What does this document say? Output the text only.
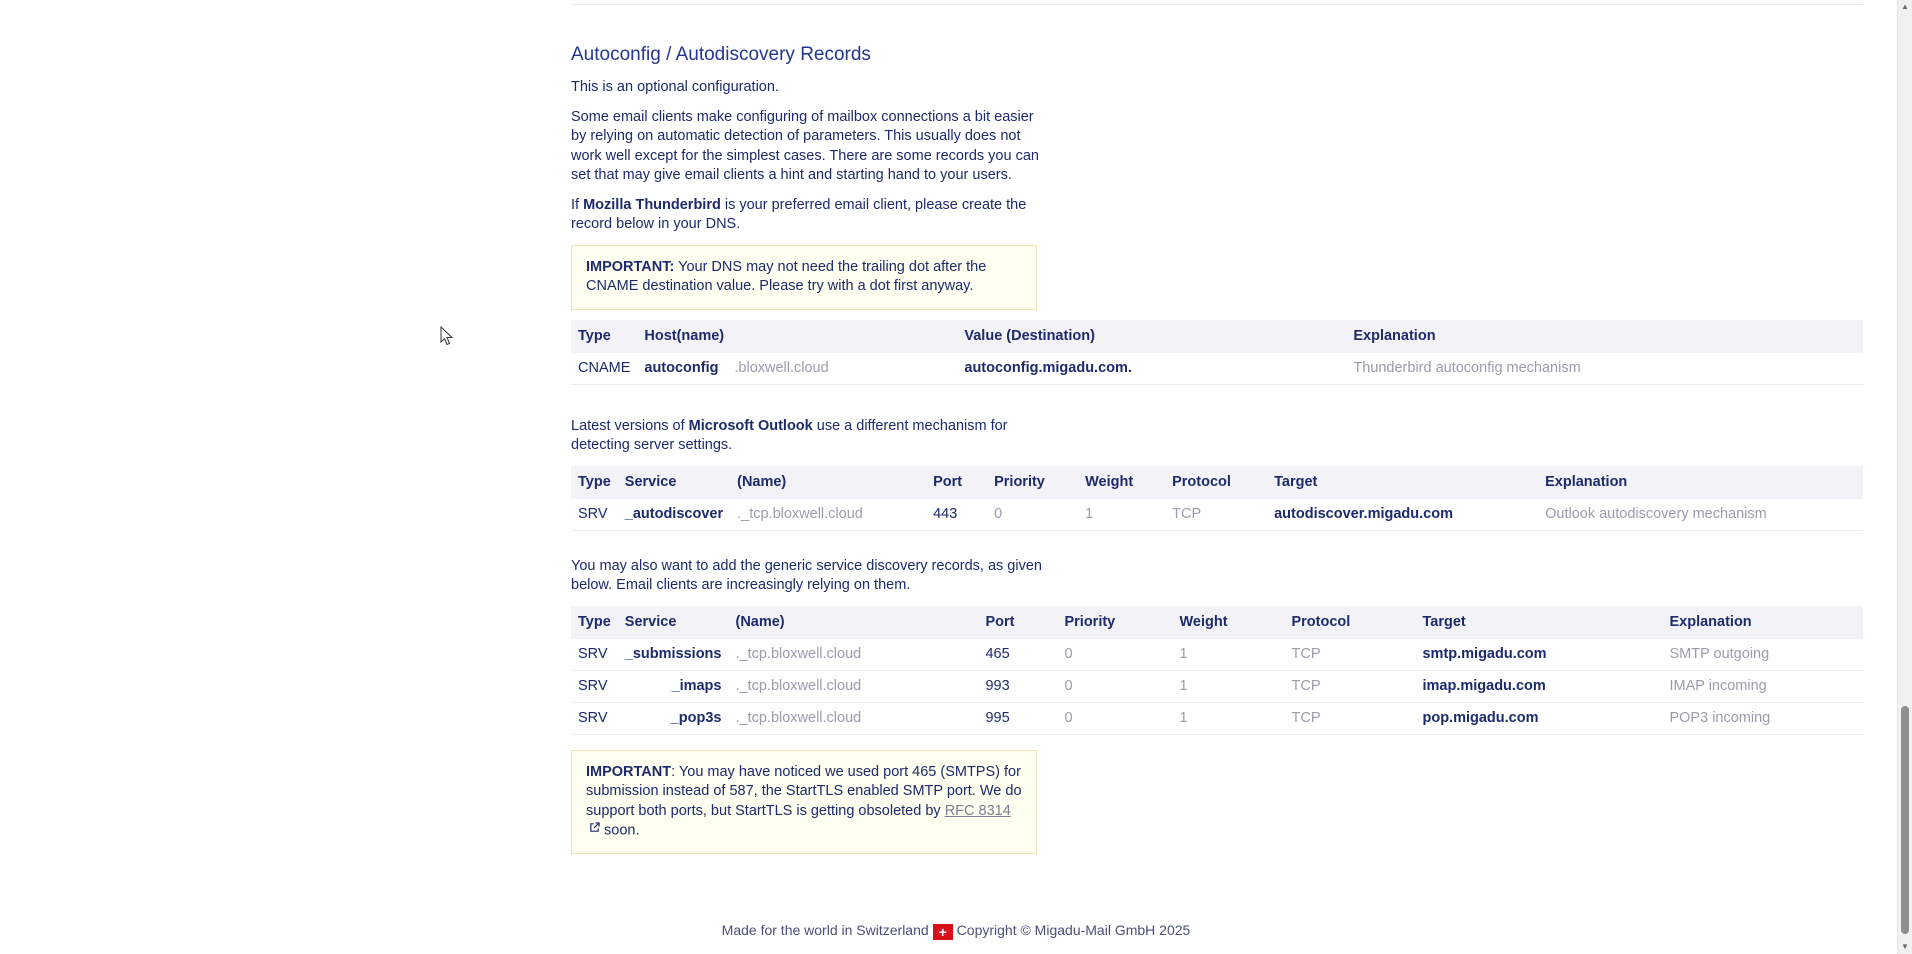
Autoconfig / Autodiscovery Records

This is an optional configuration.

Some email clients make configuring of mailbox connections a bit easier by relying on automatic detection of parameters. This usually does not work well except for the simplest cases. There are some records you can set that may give email clients a hint and starting hand to your users.

If Mozilla Thunderbird is your preferred email client, please create the record below in your DNS.

IMPORTANT: Your DNS may not need the trailing dot after the CNAME destination value. Please try with a dot first anyway.
Type	Host(name)		Value (Destination)	Explanation
CNAME	autoconfig	.bloxwell.cloud	autoconfig.migadu.com.	Thunderbird autoconfig mechanism

Latest versions of Microsoft Outlook use a different mechanism for detecting server settings.

Type	Service	(Name)	Port	Priority	Weight	Protocol	Target	Explanation
SRV	_autodiscover	._tcp.bloxwell.cloud	443	0	1	TCP	autodiscover.migadu.com	Outlook autodiscovery mechanism

You may also want to add the generic service discovery records, as given below. Email clients are increasingly relying on them.

Type	Service	(Name)	Port	Priority	Weight	Protocol	Target	Explanation
SRV	_submissions	._tcp.bloxwell.cloud	465	0	1	TCP	smtp.migadu.com	SMTP outgoing
SRV	_imaps	._tcp.bloxwell.cloud	993	0	1	TCP	imap.migadu.com	IMAP incoming
SRV	_pop3s	._tcp.bloxwell.cloud	995	0	1	TCP	pop.migadu.com	POP3 incoming
IMPORTANT: You may have noticed we used port 465 (SMTPS) for submission instead of 587, the StartTLS enabled SMTP port. We do support both ports, but StartTLS is getting obsoleted by RFC 8314 soon.
Made for the world in Switzerland + Copyright © Migadu-Mail GmbH 2025
▲
▼
